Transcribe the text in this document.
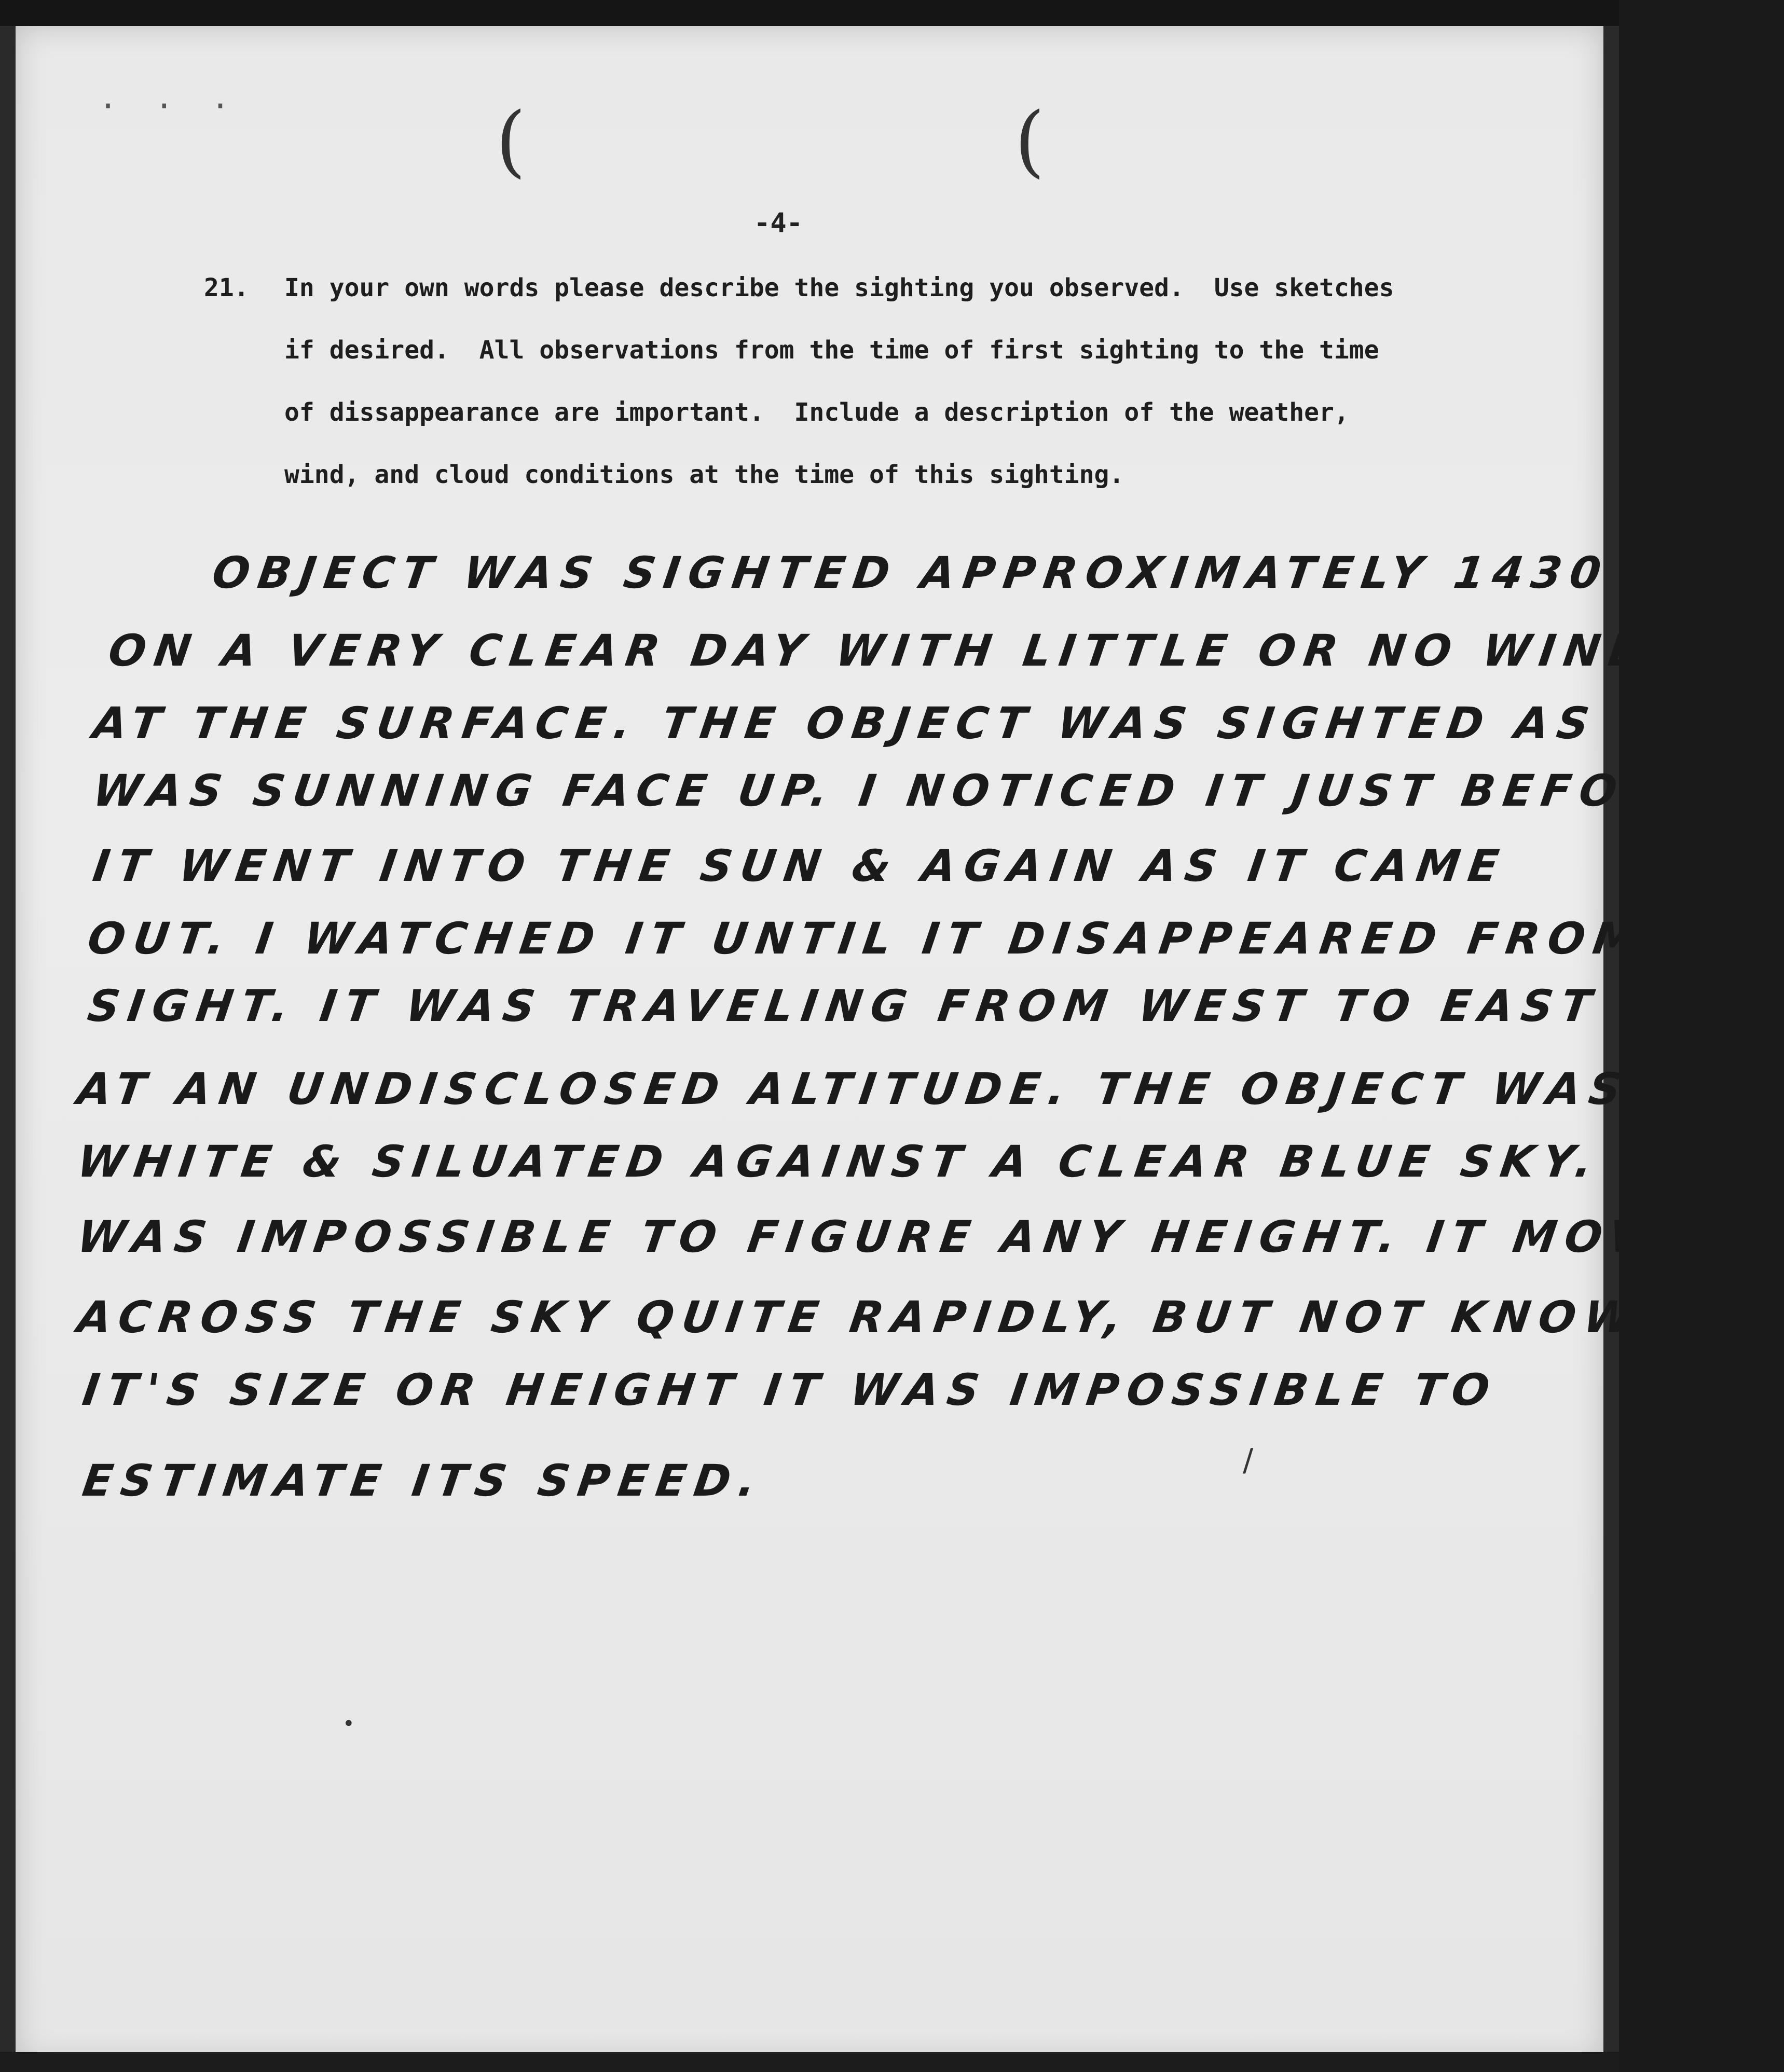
· · ·	(	(
-4-
21. In your own words please describe the sighting you observed.  Use sketches
if desired.  All observations from the time of first sighting to the time
of dissappearance are important.  Include a description of the weather,
wind, and cloud conditions at the time of this sighting.
OBJECT WAS SIGHTED APPROXIMATELY 1430 (PM)
ON A VERY CLEAR DAY WITH LITTLE OR NO WIND
AT THE SURFACE. THE OBJECT WAS SIGHTED AS I
WAS SUNNING FACE UP. I NOTICED IT JUST BEFORE
IT WENT INTO THE SUN & AGAIN AS IT CAME
OUT. I WATCHED IT UNTIL IT DISAPPEARED FROM
SIGHT. IT WAS TRAVELING FROM WEST TO EAST
AT AN UNDISCLOSED ALTITUDE. THE OBJECT WAS
WHITE & SILUATED AGAINST A CLEAR BLUE SKY. IT
WAS IMPOSSIBLE TO FIGURE ANY HEIGHT. IT MOVE
ACROSS THE SKY QUITE RAPIDLY, BUT NOT KNOWING
IT'S SIZE OR HEIGHT IT WAS IMPOSSIBLE TO
ESTIMATE ITS SPEED.	/
•
